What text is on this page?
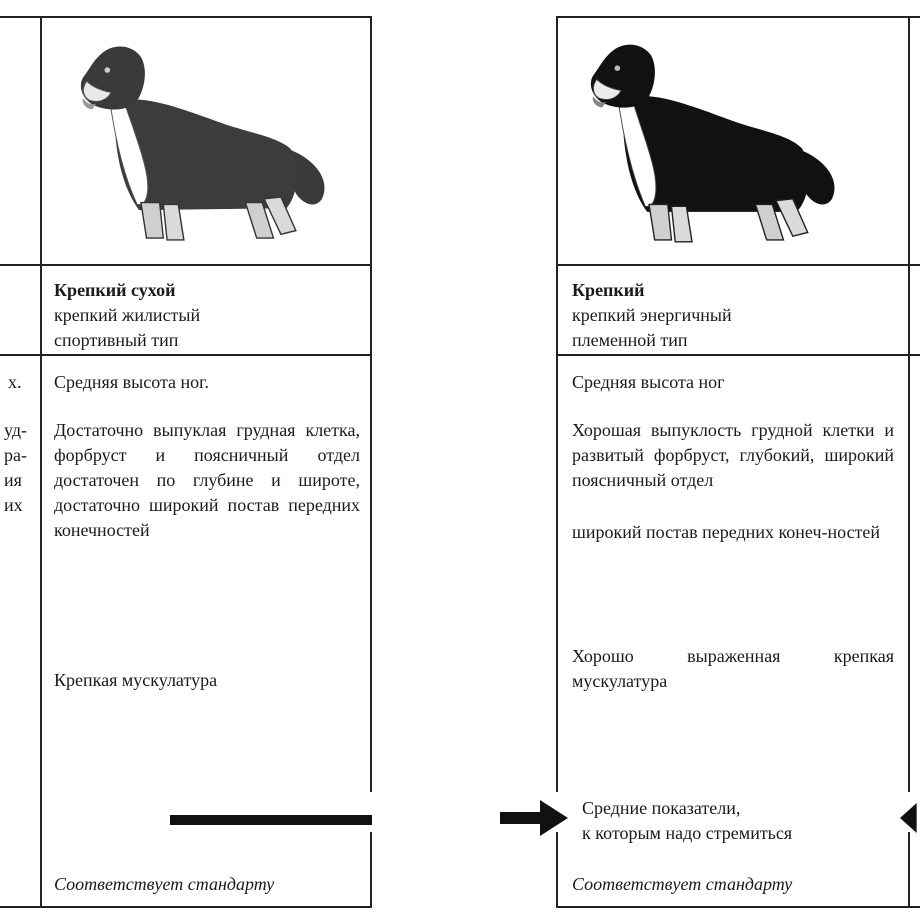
х.
уд-
ра-
ия
их
Крепкий сухой
крепкий жилистый
спортивный тип
Средняя высота ног.
Достаточно выпуклая грудная клетка, форбруст и поясничный отдел достаточен по глубине и широте, достаточно широкий постав передних конечностей
Крепкая мускулатура
Соответствует стандарту
Крепкий
крепкий энергичный
племенной тип
Средняя высота ног
Хорошая выпуклость грудной клетки и развитый форбруст, глубокий, широкий поясничный отдел
широкий постав передних конеч-ностей
Хорошо выраженная крепкая мускулатура
Соответствует стандарту
Средние показатели,
к которым надо стремиться
